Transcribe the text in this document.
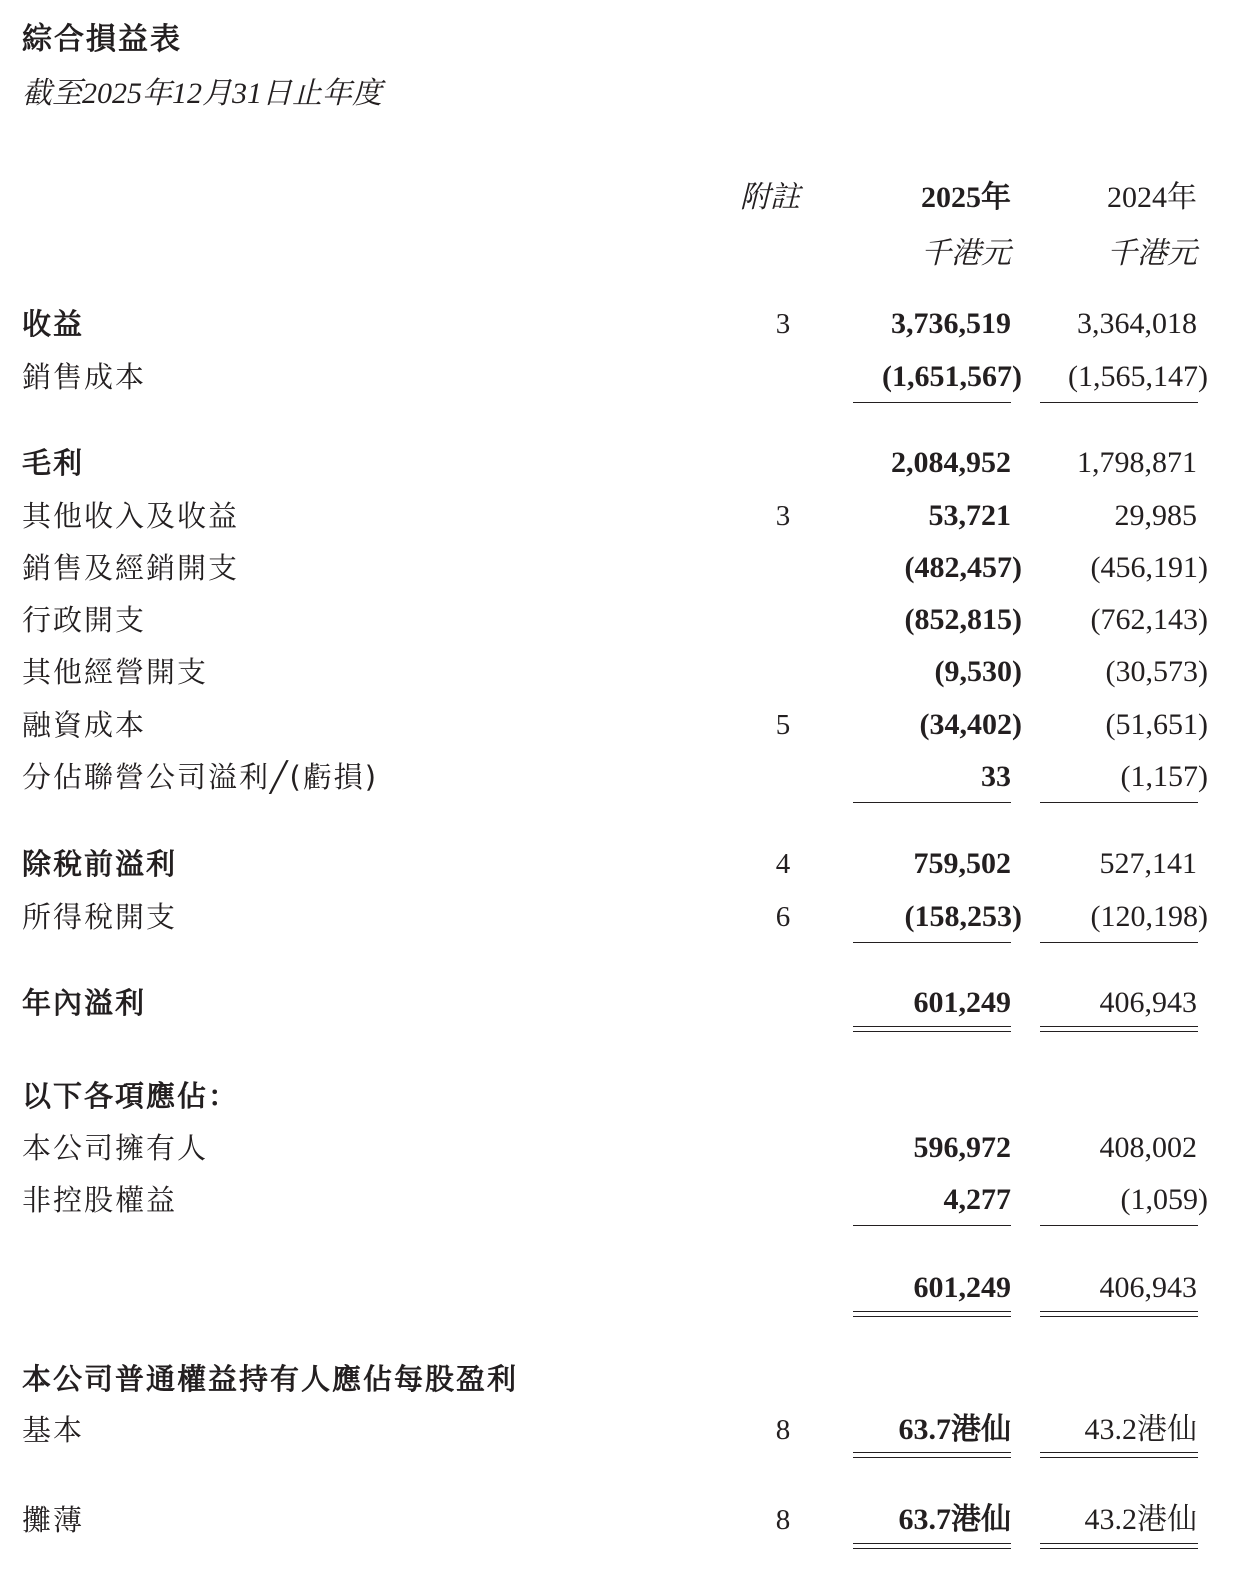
綜合損益表
截至2025年12月31日止年度
附註	2025年	2024年
千港元	千港元
收益	3	3,736,519	3,364,018
銷售成本	(1,651,567) (1,565,147)
毛利	2,084,952	1,798,871
其他收入及收益	3	53,721	29,985
銷售及經銷開支	(482,457) (456,191)
行政開支	(852,815) (762,143)
其他經營開支	(9,530)	(30,573)
融資成本	5	(34,402)	(51,651)
分佔聯營公司溢利╱(虧損)	33	(1,157)
除稅前溢利	4	759,502	527,141
所得稅開支	6	(158,253) (120,198)
年內溢利	601,249	406,943
以下各項應佔：
本公司擁有人	596,972	408,002
非控股權益	4,277	(1,059)
601,249	406,943
本公司普通權益持有人應佔每股盈利
基本	8	63.7港仙	43.2港仙
攤薄	8	63.7港仙	43.2港仙
